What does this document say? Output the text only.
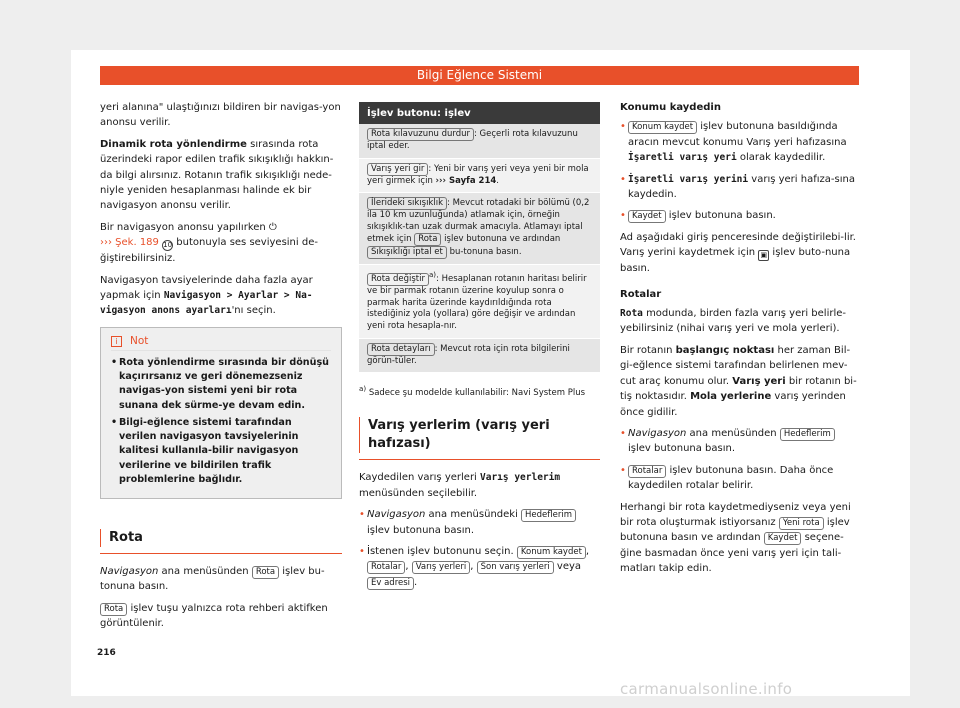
Bilgi Eğlence Sistemi

yeri alanına" ulaştığınızı bildiren bir navigas-yon anonsu verilir.

Dinamik rota yönlendirme sırasında rota üzerindeki rapor edilen trafik sıkışıklığı hakkın-da bilgi alırsınız. Rotanın trafik sıkışıklığı nede-niyle yeniden hesaplanması halinde ek bir navigasyon anonsu verilir.

Bir navigasyon anonsu yapılırken ⏻
››› Şek. 189 10 butonuyla ses seviyesini de-ğiştirebilirsiniz.

Navigasyon tavsiyelerinde daha fazla ayar yapmak için Navigasyon > Ayarlar > Na-vigasyon anons ayarları'nı seçin.

i Not
• Rota yönlendirme sırasında bir dönüşü kaçırırsanız ve geri dönemezseniz navigas-yon sistemi yeni bir rota sunana dek sürme-ye devam edin.
• Bilgi-eğlence sistemi tarafından verilen navigasyon tavsiyelerinin kalitesi kullanıla-bilir navigasyon verilerine ve bildirilen trafik problemlerine bağlıdır.
Rota

Navigasyon ana menüsünden Rota işlev bu-tonuna basın.

Rota işlev tuşu yalnızca rota rehberi aktifken görüntülenir.

İşlev butonu: işlev
Rota kılavuzunu durdur : Geçerli rota kılavuzunu iptal eder.
Varış yeri gir : Yeni bir varış yeri veya yeni bir mola yeri girmek için ››› Sayfa 214.
İlerideki sıkışıklık : Mevcut rotadaki bir bölümü (0,2 ila 10 km uzunluğunda) atlamak için, örneğin sıkışıklık-tan uzak durmak amacıyla. Atlamayı iptal etmek için Rota işlev butonuna ve ardından Sıkışıklığı iptal et bu-tonuna basın.
Rota değiştir $^{a)}$: Hesaplanan rotanın haritası belirir ve bir parmak rotanın üzerine koyulup sonra o parmak harita üzerinde kaydırıldığında rota istediğiniz yola (yollara) göre değişir ve ardından yeni rota hesapla-nır.
Rota detayları : Mevcut rota için rota bilgilerini görün-tüler.
$^{a)}$ Sadece şu modelde kullanılabilir: Navi System Plus
Varış yerlerim (varış yeri hafızası)

Kaydedilen varış yerleri Varış yerlerim menüsünden seçilebilir.

• Navigasyon ana menüsündeki Hedeflerim işlev butonuna basın.

• İstenen işlev butonunu seçin. Konum kaydet , Rotalar , Varış yerleri , Son varış yerleri veya Ev adresi .

Konumu kaydedin

• Konum kaydet işlev butonuna basıldığında aracın mevcut konumu Varış yeri hafızasına İşaretli varış yeri olarak kaydedilir.

• İşaretli varış yerini varış yeri hafıza-sına kaydedin.

• Kaydet işlev butonuna basın.

Ad aşağıdaki giriş penceresinde değiştirilebi-lir. Varış yerini kaydetmek için ▣ işlev buto-nuna basın.

Rotalar

Rota modunda, birden fazla varış yeri belirle-yebilirsiniz (nihai varış yeri ve mola yerleri).

Bir rotanın başlangıç noktası her zaman Bil-gi-eğlence sistemi tarafından belirlenen mev-cut araç konumu olur. Varış yeri bir rotanın bi-tiş noktasıdır. Mola yerlerine varış yerinden önce gidilir.

• Navigasyon ana menüsünden Hedeflerim işlev butonuna basın.

• Rotalar işlev butonuna basın. Daha önce kaydedilen rotalar belirir.

Herhangi bir rota kaydetmediyseniz veya yeni bir rota oluşturmak istiyorsanız Yeni rota işlev butonuna basın ve ardından Kaydet seçene-ğine basmadan önce yeni varış yeri için tali-matları takip edin.

216
carmanualsonline.info
